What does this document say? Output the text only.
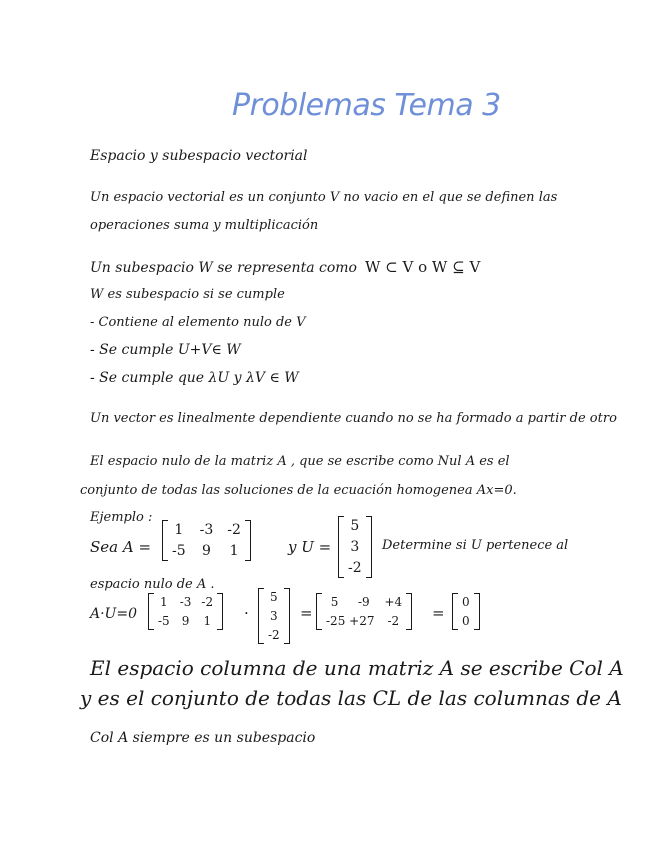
Problemas Tema 3
Espacio y subespacio vectorial
Un espacio vectorial es un conjunto V no vacio en el que se definen las
operaciones suma y multiplicación
Un subespacio W se representa como W ⊂ V o W ⊆ V
W es subespacio si se cumple
- Contiene al elemento nulo de V
- Se cumple U+V∈ W
- Se cumple que λU y λV ∈ W
Un vector es linealmente dependiente cuando no se ha formado a partir de otro
El espacio nulo de la matriz A , que se escribe como Nul A es el
conjunto de todas las soluciones de la ecuación homogenea Ax=0.
Ejemplo :
Sea A =
1 -3 -2
-5 9 1	y U =
5
3
-2
Determine si U pertenece al
espacio nulo de A .
A·U=0
1 -3 -2
-5 9 1 ·
5
3
-2
=
5	-9	+4
-25 +27 -2 =
0
0
El espacio columna de una matriz A se escribe Col A
y es el conjunto de todas las CL de las columnas de A
Col A siempre es un subespacio
